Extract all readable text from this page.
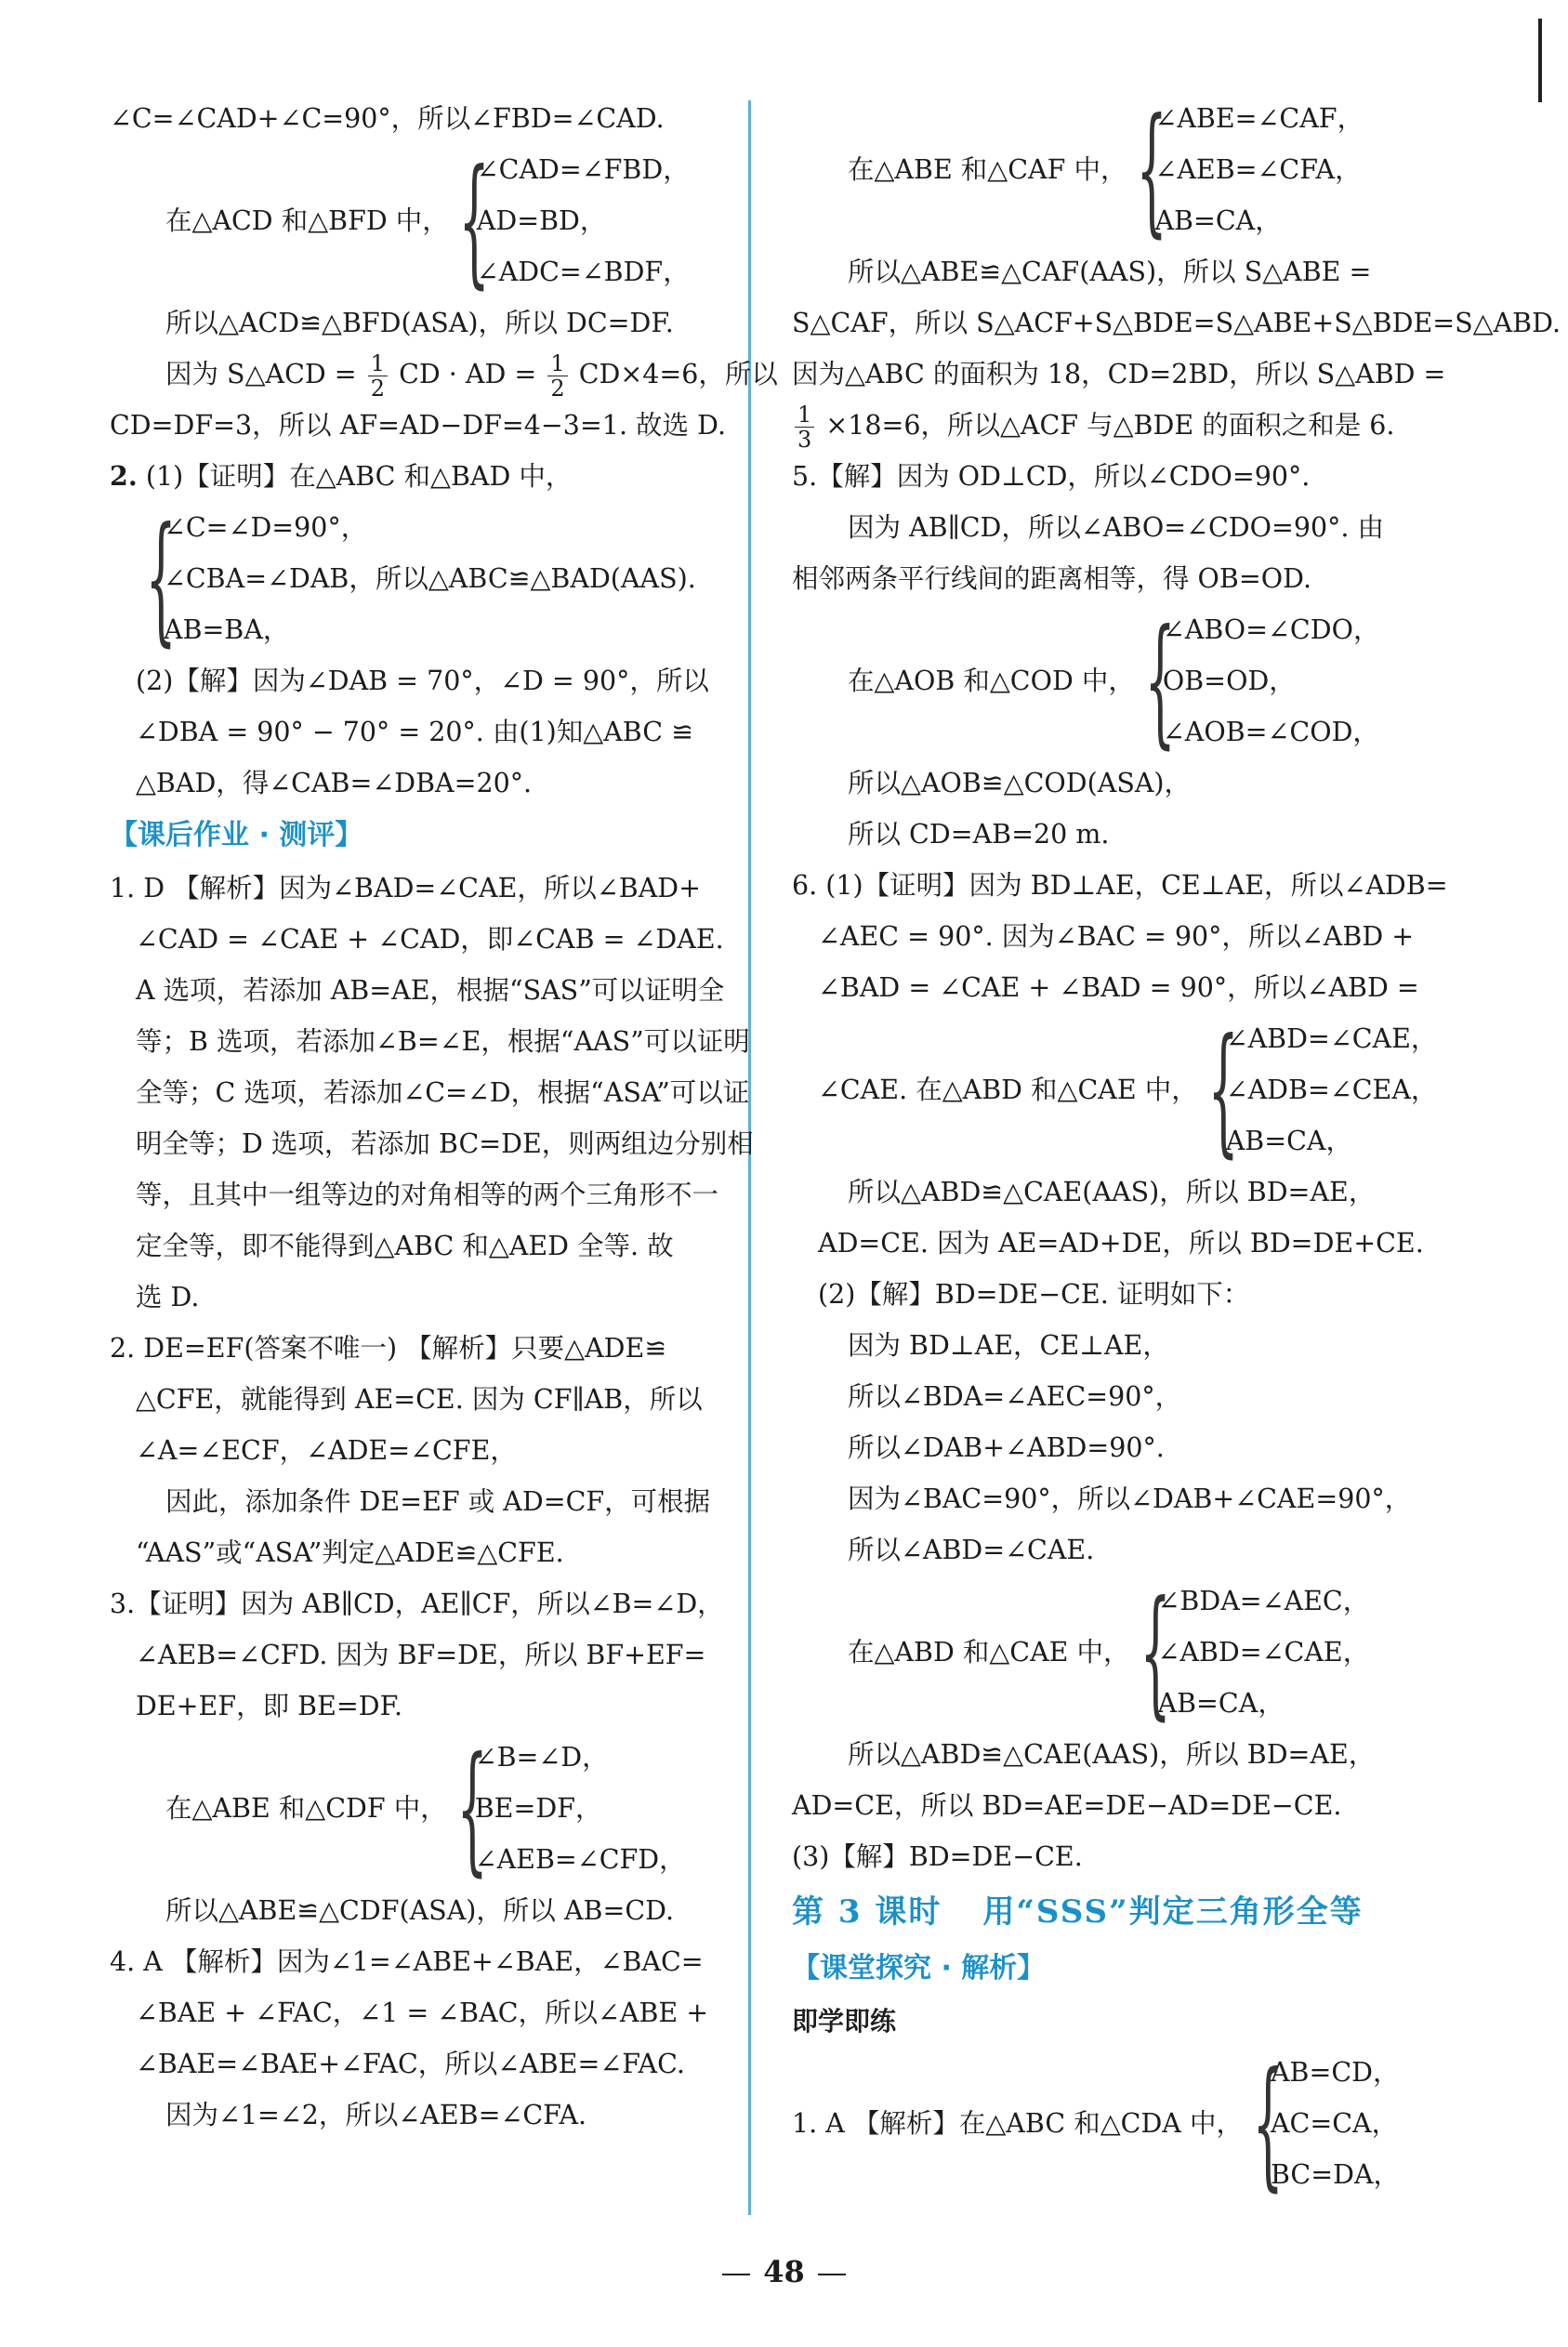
∠C=∠CAD+∠C=90°，所以∠FBD=∠CAD.
在△ACD 和△BFD 中， {
∠CAD=∠FBD，
AD=BD，
∠ADC=∠BDF，
所以△ACD≌△BFD(ASA)，所以 DC=DF.
因为 S△ACD = $\frac{1}{2}$ CD · AD = $\frac{1}{2} CD\times 4=6$，所以
CD=DF=3，所以 AF=AD−DF=4−3=1. 故选 D.
2. (1)【证明】在△ABC 和△BAD 中，
{
∠C=∠D=90°，
∠CBA=∠DAB，所以△ABC≌△BAD(AAS).
AB=BA，
(2)【解】因为∠DAB = 70°，∠D = 90°，所以
∠DBA = 90° − 70° = 20°. 由(1)知△ABC ≌
△BAD，得∠CAB=∠DBA=20°.
【课后作业 · 测评】
1. D 【解析】因为∠BAD=∠CAE，所以∠BAD+
∠CAD = ∠CAE + ∠CAD，即∠CAB = ∠DAE.
A 选项，若添加 AB=AE，根据“SAS”可以证明全
等；B 选项，若添加∠B=∠E，根据“AAS”可以证明
全等；C 选项，若添加∠C=∠D，根据“ASA”可以证
明全等；D 选项，若添加 BC=DE，则两组边分别相
等，且其中一组等边的对角相等的两个三角形不一
定全等，即不能得到△ABC 和△AED 全等. 故
选 D.
2. DE=EF(答案不唯一) 【解析】只要△ADE≌
△CFE，就能得到 AE=CE. 因为 CF∥AB，所以
∠A=∠ECF，∠ADE=∠CFE，
因此，添加条件 DE=EF 或 AD=CF，可根据
“AAS”或“ASA”判定△ADE≌△CFE.
3.【证明】因为 AB∥CD，AE∥CF，所以∠B=∠D，
∠AEB=∠CFD. 因为 BF=DE，所以 BF+EF=
DE+EF，即 BE=DF.
在△ABE 和△CDF 中， {
∠B=∠D，
BE=DF，
∠AEB=∠CFD，
所以△ABE≌△CDF(ASA)，所以 AB=CD.
4. A 【解析】因为∠1=∠ABE+∠BAE，∠BAC=
∠BAE + ∠FAC，∠1 = ∠BAC，所以∠ABE +
∠BAE=∠BAE+∠FAC，所以∠ABE=∠FAC.
因为∠1=∠2，所以∠AEB=∠CFA.
在△ABE 和△CAF 中， {
∠ABE=∠CAF，
∠AEB=∠CFA，
AB=CA，
所以△ABE≌△CAF(AAS)，所以 S△ABE =
S△CAF，所以 S△ACF+S△BDE=S△ABE+S△BDE=S△ABD.
因为△ABC 的面积为 18，CD=2BD，所以 S△ABD =
$\frac{1}{3} \times 18=6$，所以△ACF 与△BDE 的面积之和是 6.
5.【解】因为 OD⊥CD，所以∠CDO=90°.
因为 AB∥CD，所以∠ABO=∠CDO=90°. 由
相邻两条平行线间的距离相等，得 OB=OD.
在△AOB 和△COD 中， {
∠ABO=∠CDO，
OB=OD，
∠AOB=∠COD，
所以△AOB≌△COD(ASA)，
所以 CD=AB=20 m.
6. (1)【证明】因为 BD⊥AE，CE⊥AE，所以∠ADB=
∠AEC = 90°. 因为∠BAC = 90°，所以∠ABD +
∠BAD = ∠CAE + ∠BAD = 90°，所以∠ABD =
∠CAE. 在△ABD 和△CAE 中， {
∠ABD=∠CAE，
∠ADB=∠CEA，
AB=CA，
所以△ABD≌△CAE(AAS)，所以 BD=AE，
AD=CE. 因为 AE=AD+DE，所以 BD=DE+CE.
(2)【解】BD=DE−CE. 证明如下：
因为 BD⊥AE，CE⊥AE，
所以∠BDA=∠AEC=90°，
所以∠DAB+∠ABD=90°.
因为∠BAC=90°，所以∠DAB+∠CAE=90°，
所以∠ABD=∠CAE.
在△ABD 和△CAE 中， {
∠BDA=∠AEC，
∠ABD=∠CAE，
AB=CA，
所以△ABD≌△CAE(AAS)，所以 BD=AE，
AD=CE，所以 BD=AE=DE−AD=DE−CE.
(3)【解】BD=DE−CE.
第 3 课时 用“SSS”判定三角形全等
【课堂探究 · 解析】
即学即练
1. A 【解析】在△ABC 和△CDA 中， {
AB=CD，
AC=CA，
BC=DA，
48
